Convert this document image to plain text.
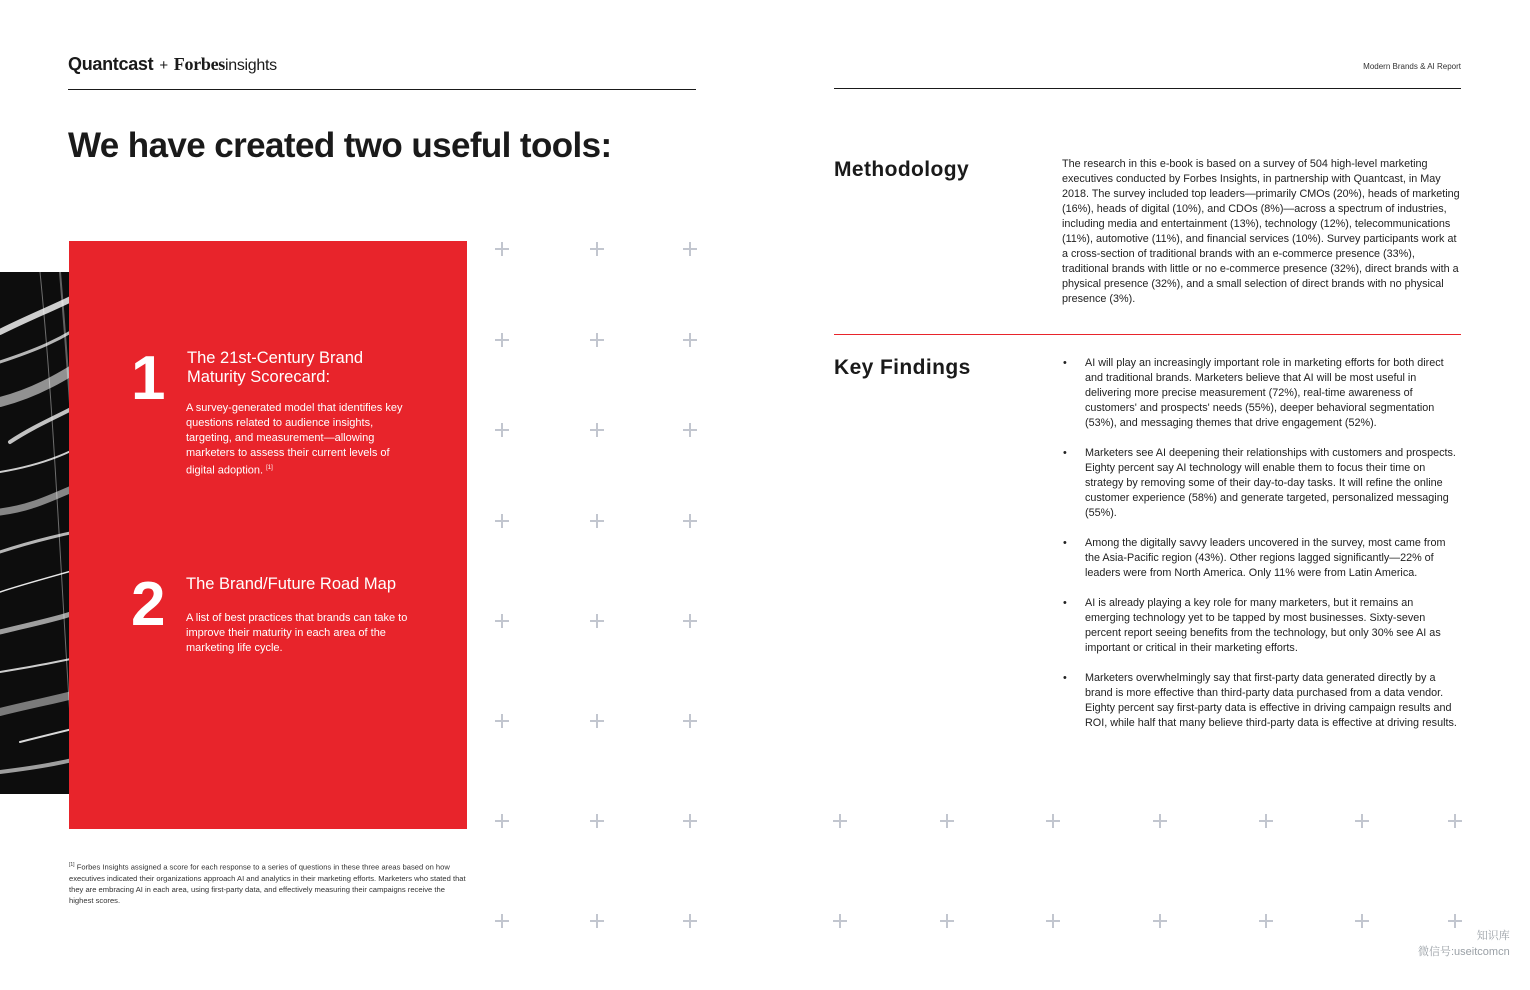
Quantcast + Forbesinsights
We have created two useful tools:
1 The 21st-Century Brand
Maturity Scorecard:
A survey-generated model that identifies key questions related to audience insights, targeting, and measurement—allowing marketers to assess their current levels of digital adoption. [1]
2 The Brand/Future Road Map
A list of best practices that brands can take to improve their maturity in each area of the marketing life cycle.
[1] Forbes Insights assigned a score for each response to a series of questions in these three areas based on how executives indicated their organizations approach AI and analytics in their marketing efforts. Marketers who stated that they are embracing AI in each area, using first-party data, and effectively measuring their campaigns receive the highest scores.
Modern Brands & AI Report
Methodology	The research in this e-book is based on a survey of 504 high-level marketing executives conducted by Forbes Insights, in partnership with Quantcast, in May 2018. The survey included top leaders—primarily CMOs (20%), heads of marketing (16%), heads of digital (10%), and CDOs (8%)—across a spectrum of industries, including media and entertainment (13%), technology (12%), telecommunications (11%), automotive (11%), and financial services (10%). Survey participants work at a cross-section of traditional brands with an e-commerce presence (33%), traditional brands with little or no e-commerce presence (32%), direct brands with a physical presence (32%), and a small selection of direct brands with no physical presence (3%).

Key Findings	• AI will play an increasingly important role in marketing efforts for both direct and traditional brands. Marketers believe that AI will be most useful in delivering more precise measurement (72%), real-time awareness of customers' and prospects' needs (55%), deeper behavioral segmentation (53%), and messaging themes that drive engagement (52%).
• Marketers see AI deepening their relationships with customers and prospects. Eighty percent say AI technology will enable them to focus their time on strategy by removing some of their day-to-day tasks. It will refine the online customer experience (58%) and generate targeted, personalized messaging (55%).
• Among the digitally savvy leaders uncovered in the survey, most came from the Asia-Pacific region (43%). Other regions lagged significantly—22% of leaders were from North America. Only 11% were from Latin America.
• AI is already playing a key role for many marketers, but it remains an emerging technology yet to be tapped by most businesses. Sixty-seven percent report seeing benefits from the technology, but only 30% see AI as important or critical in their marketing efforts.
• Marketers overwhelmingly say that first-party data generated directly by a brand is more effective than third-party data purchased from a data vendor. Eighty percent say first-party data is effective in driving campaign results and ROI, while half that many believe third-party data is effective at driving results.
知识库
微信号:useitcomcn
